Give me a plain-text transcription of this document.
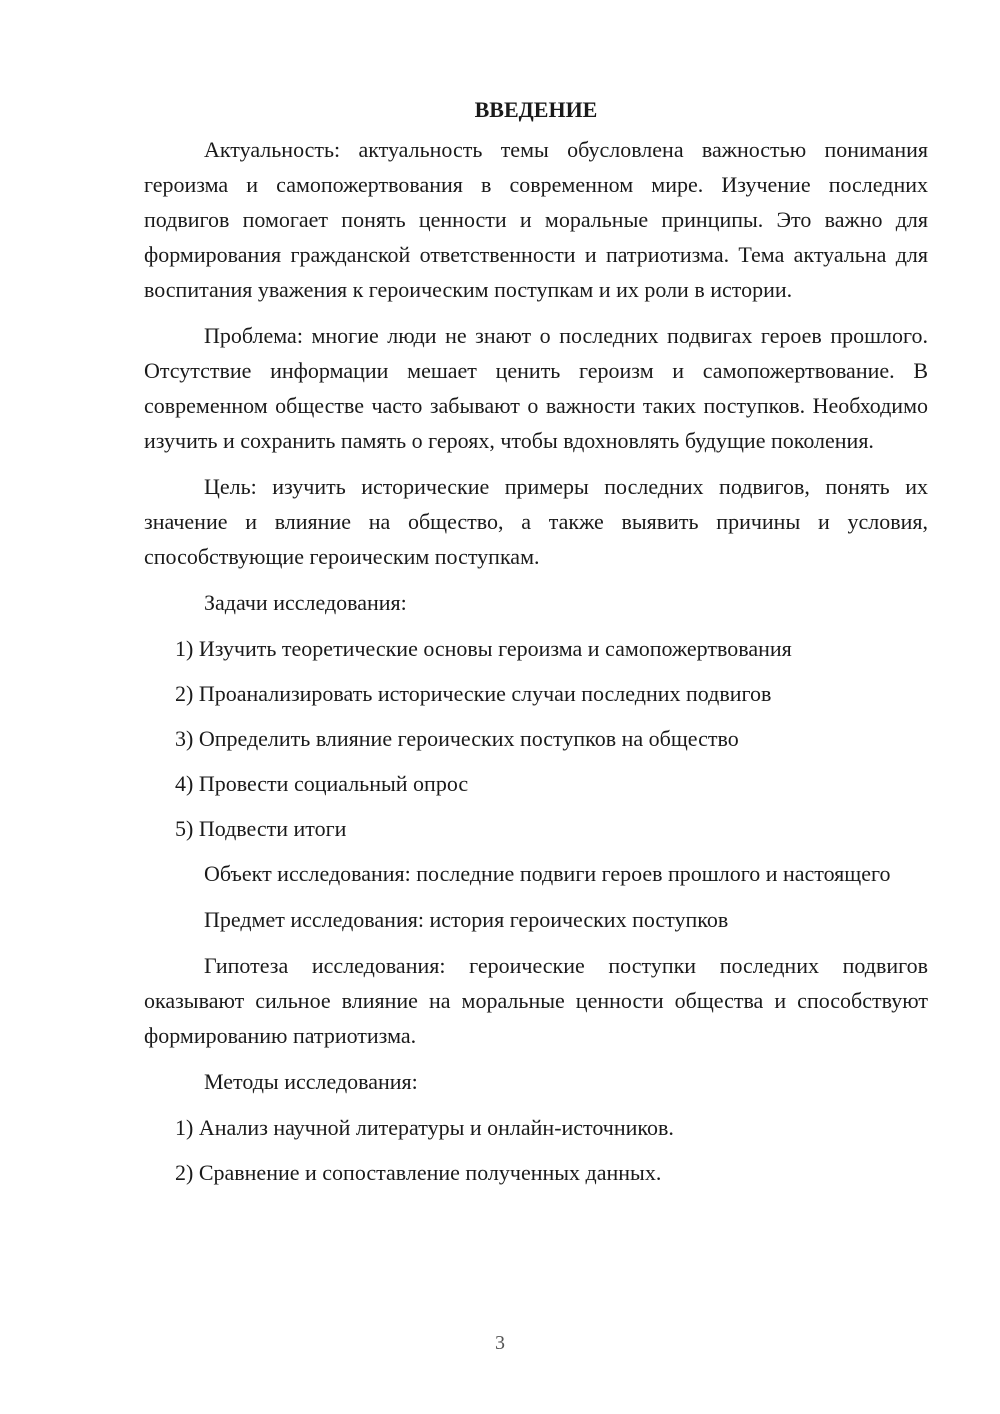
ВВЕДЕНИЕ

Актуальность: актуальность темы обусловлена важностью понимания героизма и самопожертвования в современном мире. Изучение последних подвигов помогает понять ценности и моральные принципы. Это важно для формирования гражданской ответственности и патриотизма. Тема актуальна для воспитания уважения к героическим поступкам и их роли в истории.

Проблема: многие люди не знают о последних подвигах героев прошлого. Отсутствие информации мешает ценить героизм и самопожертвование. В современном обществе часто забывают о важности таких поступков. Необходимо изучить и сохранить память о героях, чтобы вдохновлять будущие поколения.

Цель: изучить исторические примеры последних подвигов, понять их значение и влияние на общество, а также выявить причины и условия, способствующие героическим поступкам.

Задачи исследования:
1) Изучить теоретические основы героизма и самопожертвования
2) Проанализировать исторические случаи последних подвигов
3) Определить влияние героических поступков на общество
4) Провести социальный опрос
5) Подвести итоги

Объект исследования: последние подвиги героев прошлого и настоящего

Предмет исследования: история героических поступков

Гипотеза исследования: героические поступки последних подвигов оказывают сильное влияние на моральные ценности общества и способствуют формированию патриотизма.

Методы исследования:
1) Анализ научной литературы и онлайн-источников.
2) Сравнение и сопоставление полученных данных.
3
